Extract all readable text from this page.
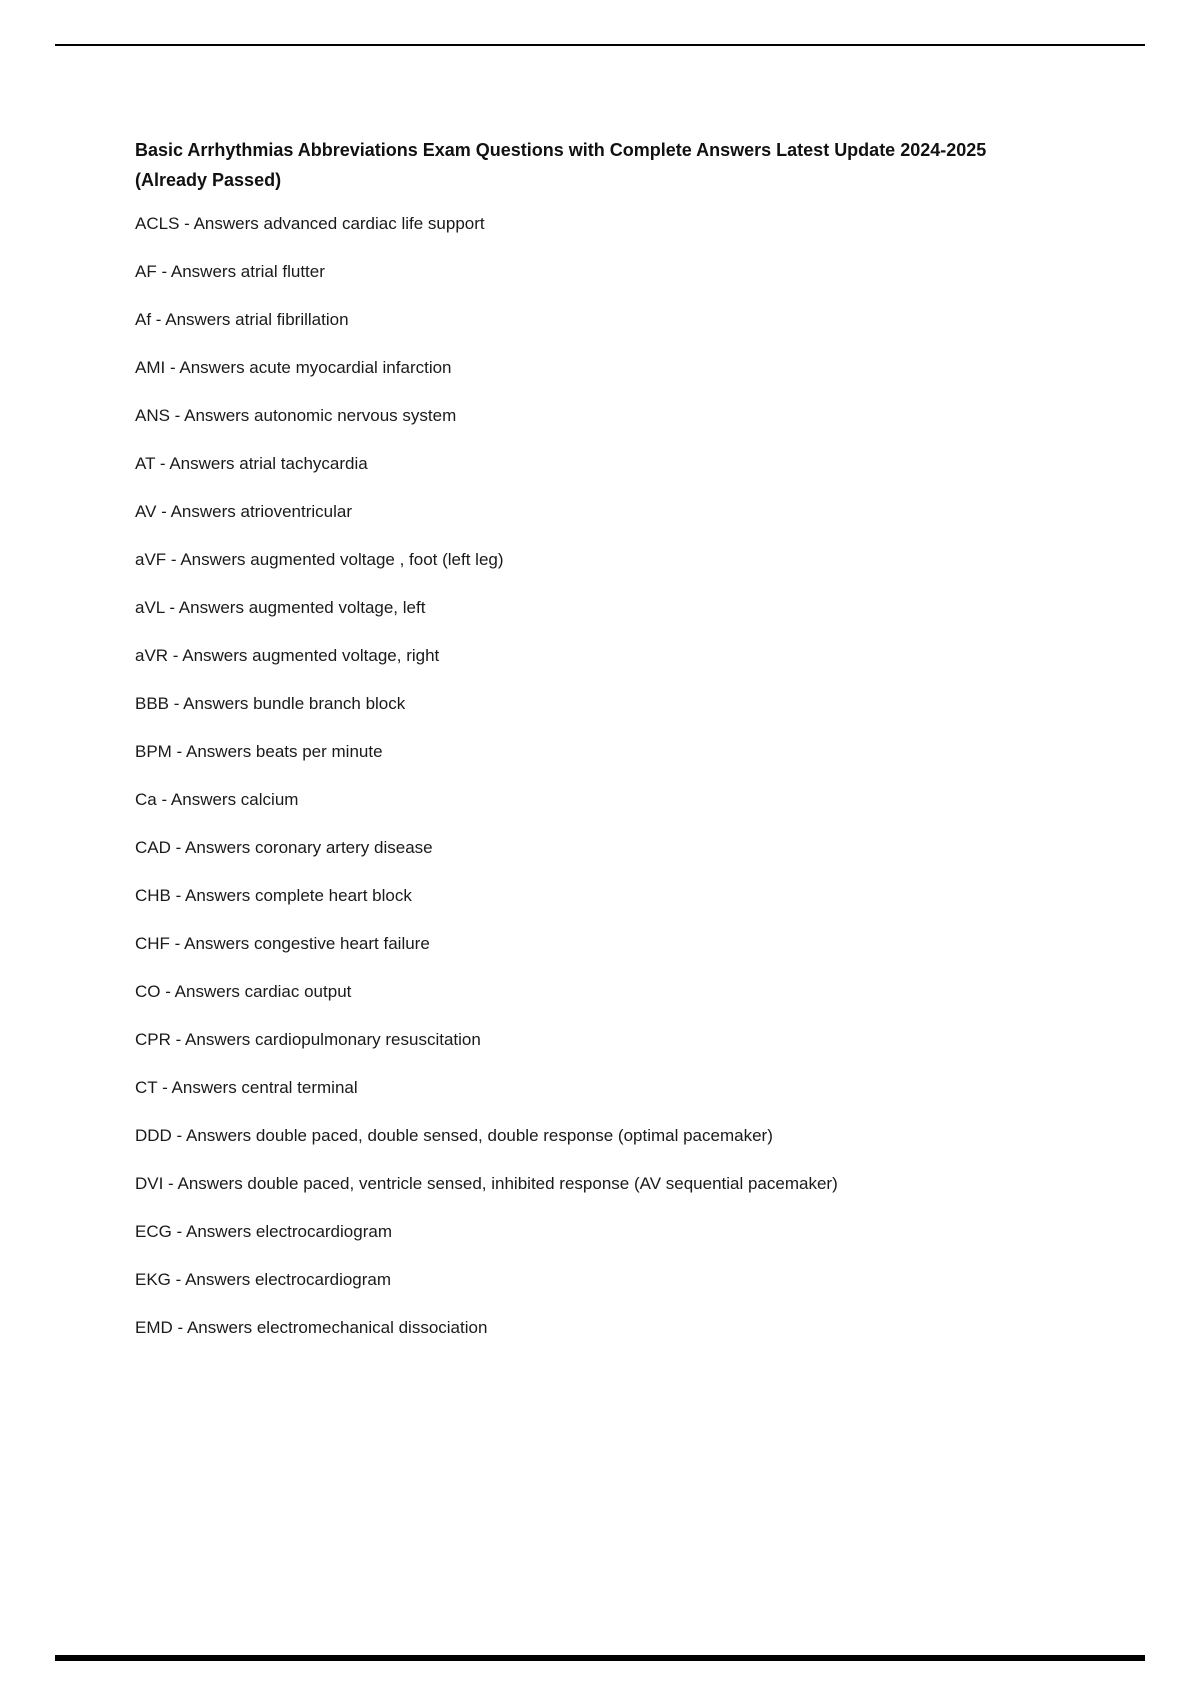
Basic Arrhythmias Abbreviations Exam Questions with Complete Answers Latest Update 2024-2025 (Already Passed)

ACLS - Answers advanced cardiac life support

AF - Answers atrial flutter

Af - Answers atrial fibrillation

AMI - Answers acute myocardial infarction

ANS - Answers autonomic nervous system

AT - Answers atrial tachycardia

AV - Answers atrioventricular

aVF - Answers augmented voltage , foot (left leg)

aVL - Answers augmented voltage, left

aVR - Answers augmented voltage, right

BBB - Answers bundle branch block

BPM - Answers beats per minute

Ca - Answers calcium

CAD - Answers coronary artery disease

CHB - Answers complete heart block

CHF - Answers congestive heart failure

CO - Answers cardiac output

CPR - Answers cardiopulmonary resuscitation

CT - Answers central terminal

DDD - Answers double paced, double sensed, double response (optimal pacemaker)

DVI - Answers double paced, ventricle sensed, inhibited response (AV sequential pacemaker)

ECG - Answers electrocardiogram

EKG - Answers electrocardiogram

EMD - Answers electromechanical dissociation
